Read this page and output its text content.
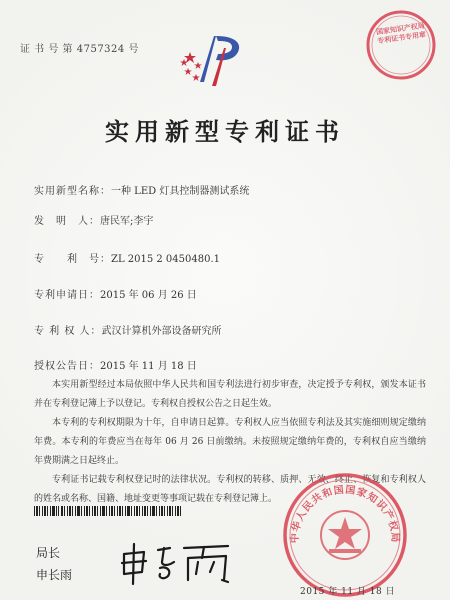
证 书 号 第 4757324 号
国家知识产权局专利证书专用章
实用新型专利证书
实用新型名称：一种 LED 灯具控制器测试系统
发　明　人：唐民军;李宇
专　　利　号：ZL 2015 2 0450480.1
专利申请日：2015 年 06 月 26 日
专 利 权 人：武汉计算机外部设备研究所
授权公告日：2015 年 11 月 18 日

本实用新型经过本局依照中华人民共和国专利法进行初步审查，决定授予专利权，颁发本证书并在专利登记簿上予以登记。专利权自授权公告之日起生效。

本专利的专利权期限为十年，自申请日起算。专利权人应当依照专利法及其实施细则规定缴纳年费。本专利的年费应当在每年 06 月 26 日前缴纳。未按照规定缴纳年费的，专利权自应当缴纳年费期满之日起终止。

专利证书记载专利权登记时的法律状况。专利权的转移、质押、无效、终止、恢复和专利权人的姓名或名称、国籍、地址变更等事项记载在专利登记簿上。

局长
申长雨
中华人民共和国国家知识产权局
2015 年 11 月 18 日
